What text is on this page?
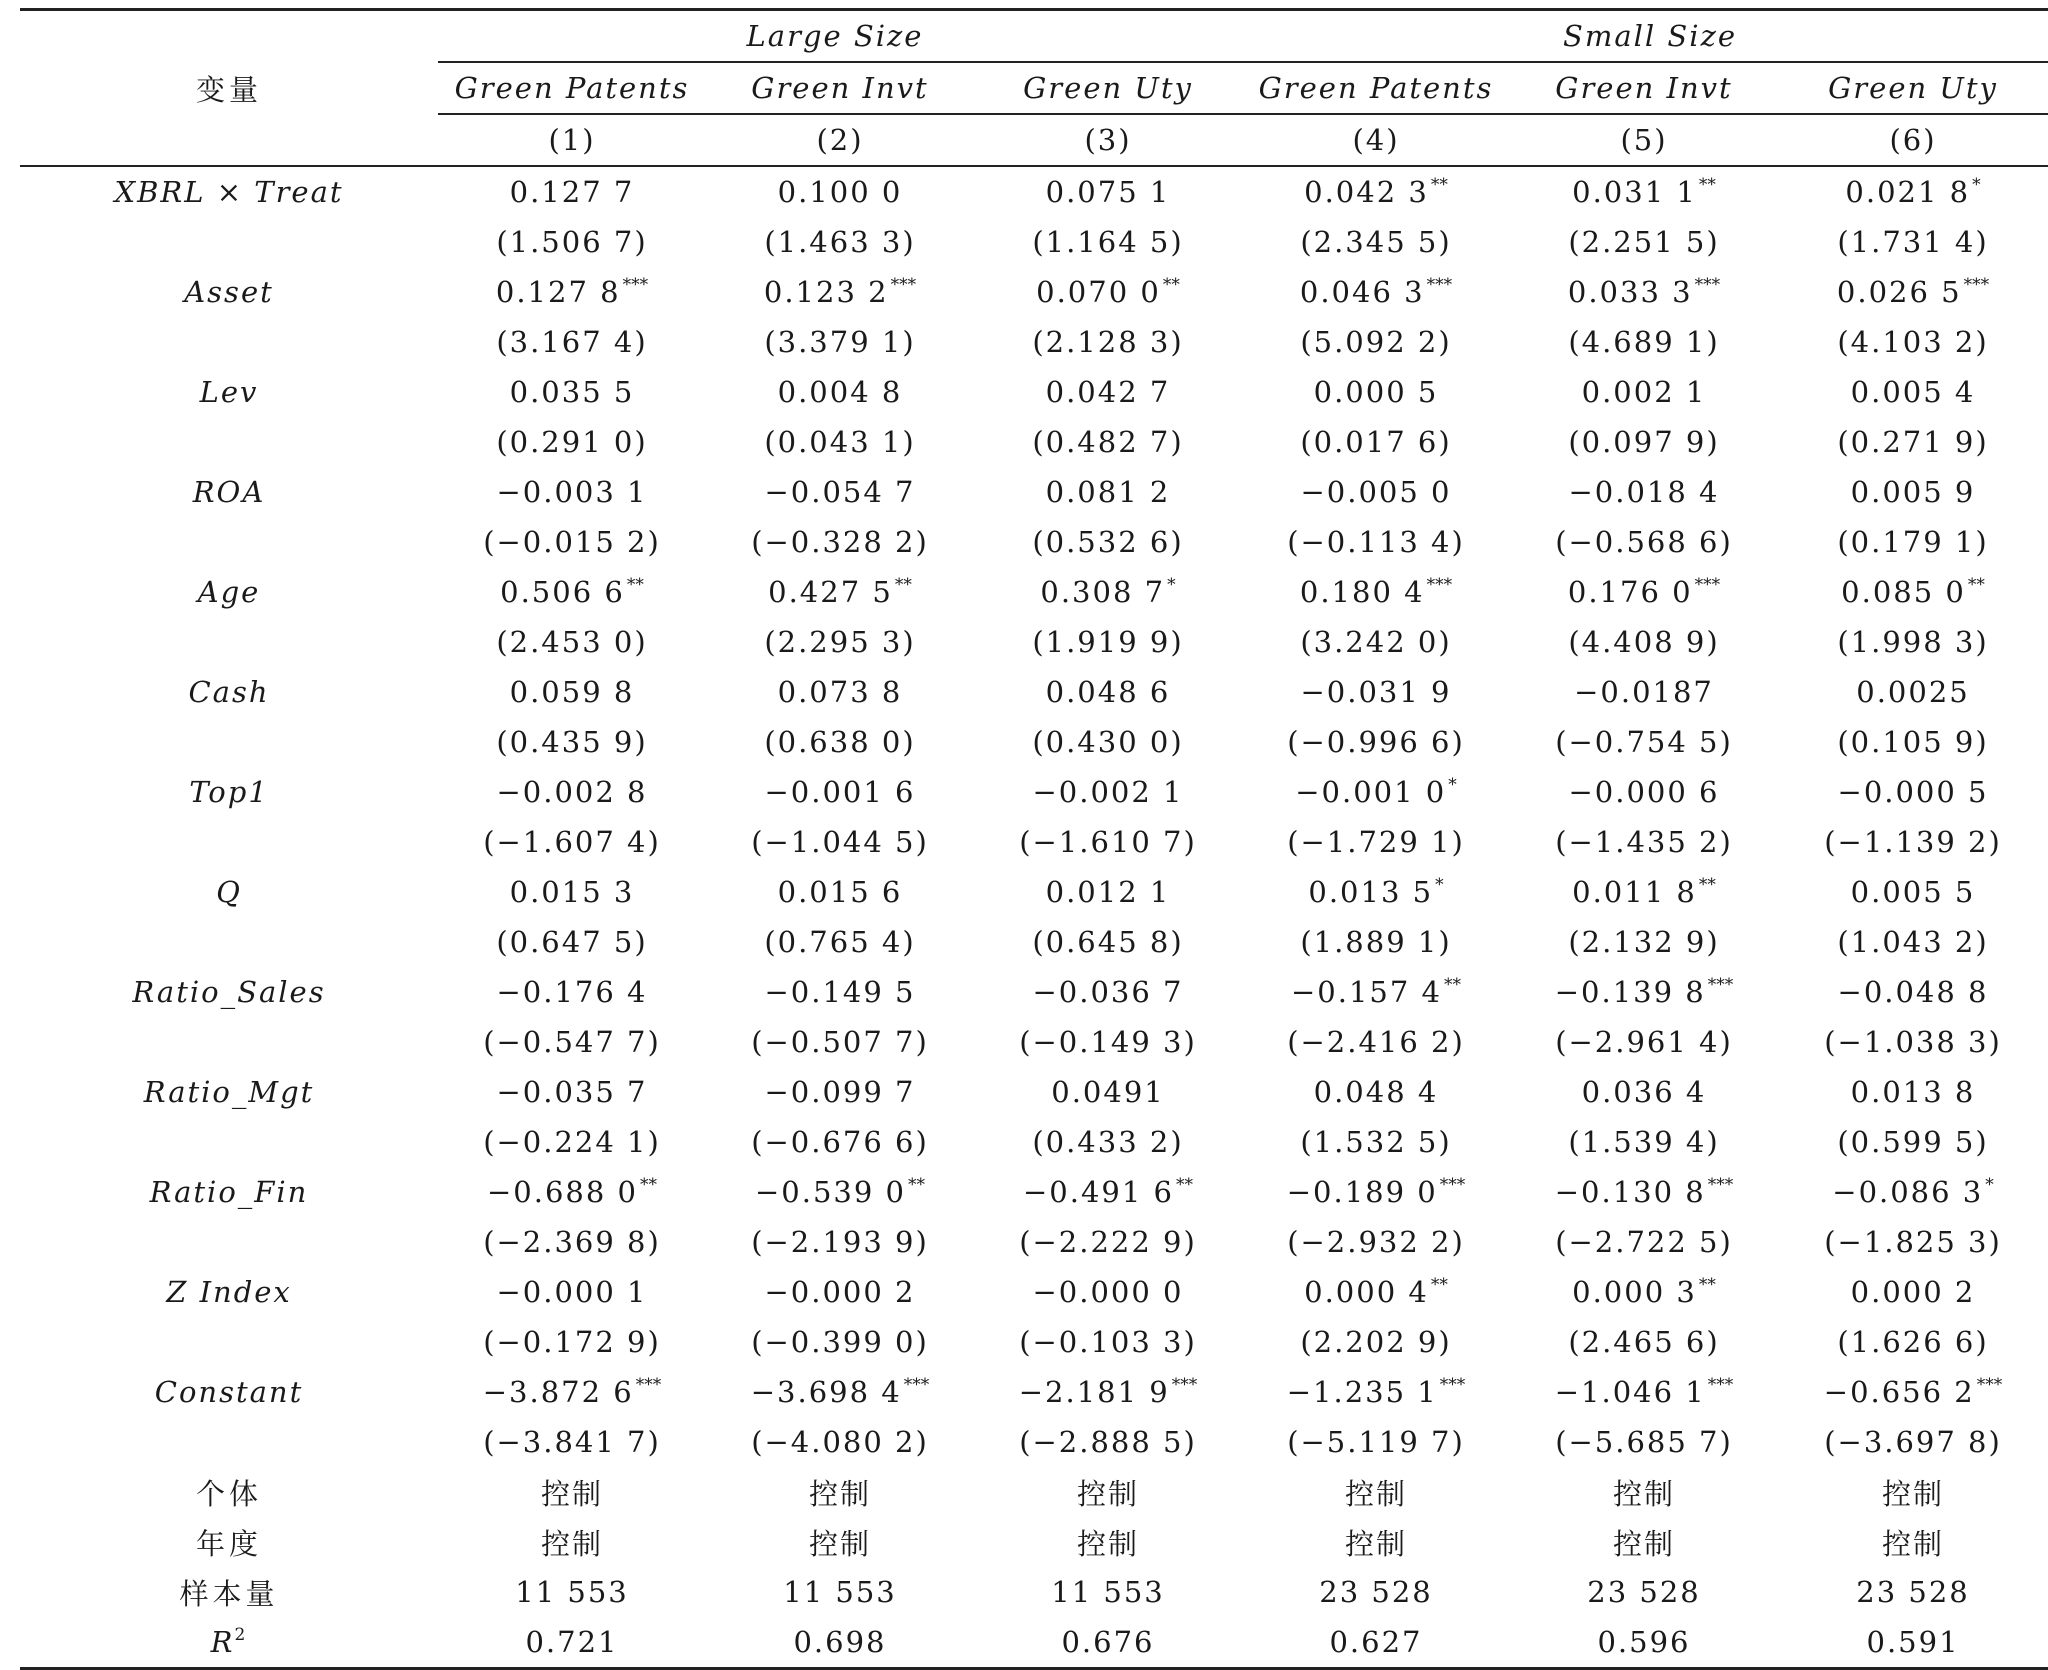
变量	Large Size			Small Size		
	Green Patents	Green Invt	Green Uty	Green Patents	Green Invt	Green Uty
	(1)	(2)	(3)	(4)	(5)	(6)
XBRL × Treat	0.127 7	0.100 0	0.075 1	0.042 3 **	0.031 1 **	0.021 8 *
	(1.506 7)	(1.463 3)	(1.164 5)	(2.345 5)	(2.251 5)	(1.731 4)
Asset	0.127 8 ***	0.123 2 ***	0.070 0 **	0.046 3 ***	0.033 3 ***	0.026 5 ***
	(3.167 4)	(3.379 1)	(2.128 3)	(5.092 2)	(4.689 1)	(4.103 2)
Lev	0.035 5	0.004 8	0.042 7	0.000 5	0.002 1	0.005 4
	(0.291 0)	(0.043 1)	(0.482 7)	(0.017 6)	(0.097 9)	(0.271 9)
ROA	−0.003 1	−0.054 7	0.081 2	−0.005 0	−0.018 4	0.005 9
	(−0.015 2)	(−0.328 2)	(0.532 6)	(−0.113 4)	(−0.568 6)	(0.179 1)
Age	0.506 6 **	0.427 5 **	0.308 7 *	0.180 4 ***	0.176 0 ***	0.085 0 **
	(2.453 0)	(2.295 3)	(1.919 9)	(3.242 0)	(4.408 9)	(1.998 3)
Cash	0.059 8	0.073 8	0.048 6	−0.031 9	−0.0187	0.0025
	(0.435 9)	(0.638 0)	(0.430 0)	(−0.996 6)	(−0.754 5)	(0.105 9)
Top1	−0.002 8	−0.001 6	−0.002 1	−0.001 0 *	−0.000 6	−0.000 5
	(−1.607 4)	(−1.044 5)	(−1.610 7)	(−1.729 1)	(−1.435 2)	(−1.139 2)
Q	0.015 3	0.015 6	0.012 1	0.013 5 *	0.011 8 **	0.005 5
	(0.647 5)	(0.765 4)	(0.645 8)	(1.889 1)	(2.132 9)	(1.043 2)
Ratio_Sales	−0.176 4	−0.149 5	−0.036 7	−0.157 4 **	−0.139 8 ***	−0.048 8
	(−0.547 7)	(−0.507 7)	(−0.149 3)	(−2.416 2)	(−2.961 4)	(−1.038 3)
Ratio_Mgt	−0.035 7	−0.099 7	0.0491	0.048 4	0.036 4	0.013 8
	(−0.224 1)	(−0.676 6)	(0.433 2)	(1.532 5)	(1.539 4)	(0.599 5)
Ratio_Fin	−0.688 0 **	−0.539 0 **	−0.491 6 **	−0.189 0 ***	−0.130 8 ***	−0.086 3 *
	(−2.369 8)	(−2.193 9)	(−2.222 9)	(−2.932 2)	(−2.722 5)	(−1.825 3)
Z Index	−0.000 1	−0.000 2	−0.000 0	0.000 4 **	0.000 3 **	0.000 2
	(−0.172 9)	(−0.399 0)	(−0.103 3)	(2.202 9)	(2.465 6)	(1.626 6)
Constant	−3.872 6 ***	−3.698 4 ***	−2.181 9 ***	−1.235 1 ***	−1.046 1 ***	−0.656 2 ***
	(−3.841 7)	(−4.080 2)	(−2.888 5)	(−5.119 7)	(−5.685 7)	(−3.697 8)
个体	控制	控制	控制	控制	控制	控制
年度	控制	控制	控制	控制	控制	控制
样本量	11 553	11 553	11 553	23 528	23 528	23 528
$R^2$	0.721	0.698	0.676	0.627	0.596	0.591
